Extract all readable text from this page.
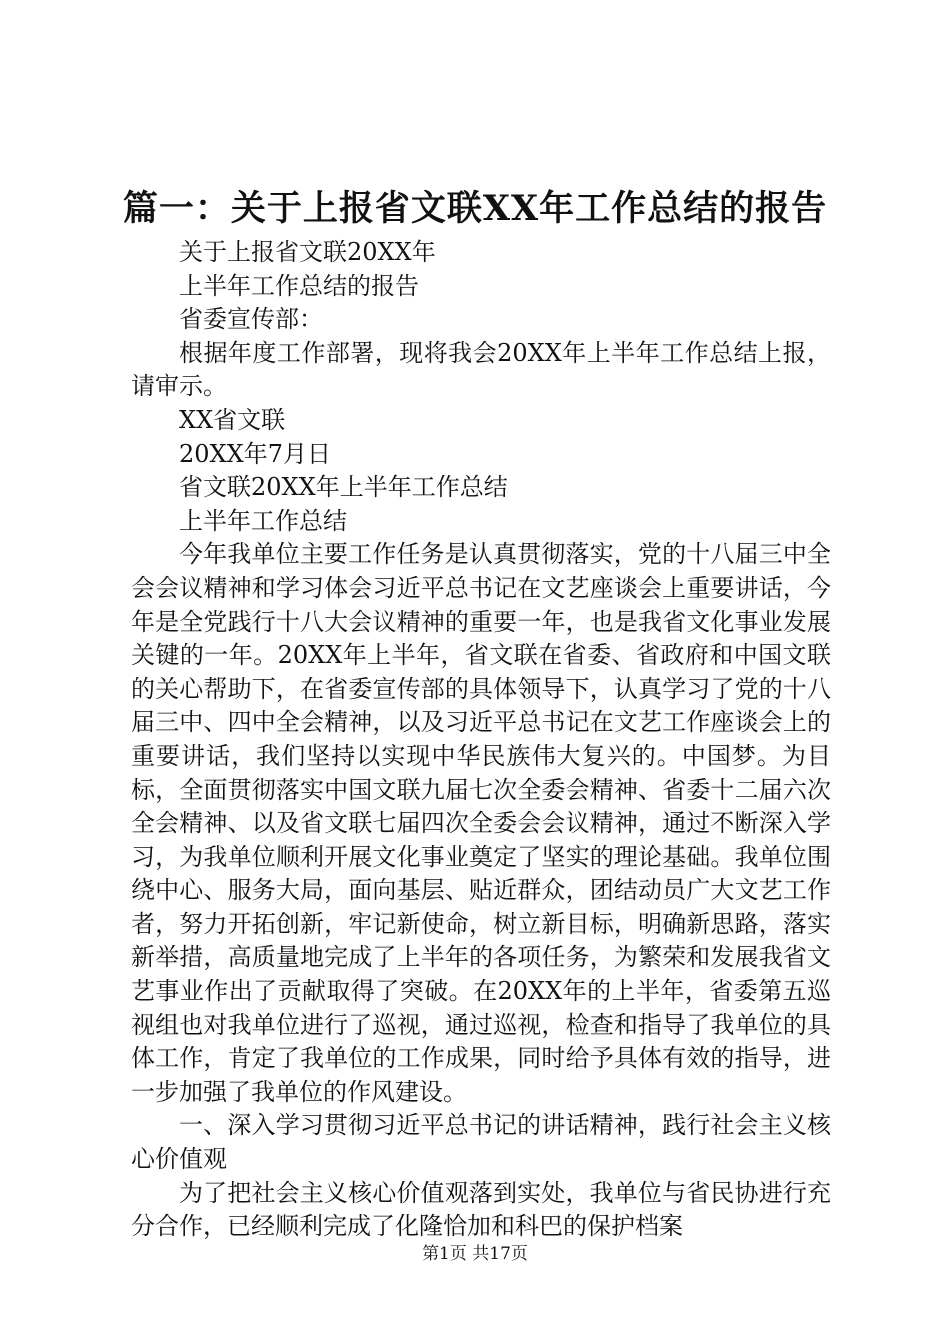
篇一：关于上报省文联XX年工作总结的报告

关于上报省文联20XX年

上半年工作总结的报告

省委宣传部：

根据年度工作部署，现将我会20XX年上半年工作总结上报，请审示。

XX省文联

20XX年7月日

省文联20XX年上半年工作总结

上半年工作总结

今年我单位主要工作任务是认真贯彻落实，党的十八届三中全会会议精神和学习体会习近平总书记在文艺座谈会上重要讲话，今年是全党践行十八大会议精神的重要一年，也是我省文化事业发展关键的一年。20XX年上半年，省文联在省委、省政府和中国文联的关心帮助下，在省委宣传部的具体领导下，认真学习了党的十八届三中、四中全会精神，以及习近平总书记在文艺工作座谈会上的重要讲话，我们坚持以实现中华民族伟大复兴的。中国梦。为目标，全面贯彻落实中国文联九届七次全委会精神、省委十二届六次全会精神、以及省文联七届四次全委会会议精神，通过不断深入学习，为我单位顺利开展文化事业奠定了坚实的理论基础。我单位围绕中心、服务大局，面向基层、贴近群众，团结动员广大文艺工作者，努力开拓创新，牢记新使命，树立新目标，明确新思路，落实新举措，高质量地完成了上半年的各项任务，为繁荣和发展我省文艺事业作出了贡献取得了突破。在20XX年的上半年，省委第五巡视组也对我单位进行了巡视，通过巡视，检查和指导了我单位的具体工作，肯定了我单位的工作成果，同时给予具体有效的指导，进一步加强了我单位的作风建设。

一、深入学习贯彻习近平总书记的讲话精神，践行社会主义核心价值观

为了把社会主义核心价值观落到实处，我单位与省民协进行充分合作，已经顺利完成了化隆恰加和科巴的保护档案

第1页 共17页
